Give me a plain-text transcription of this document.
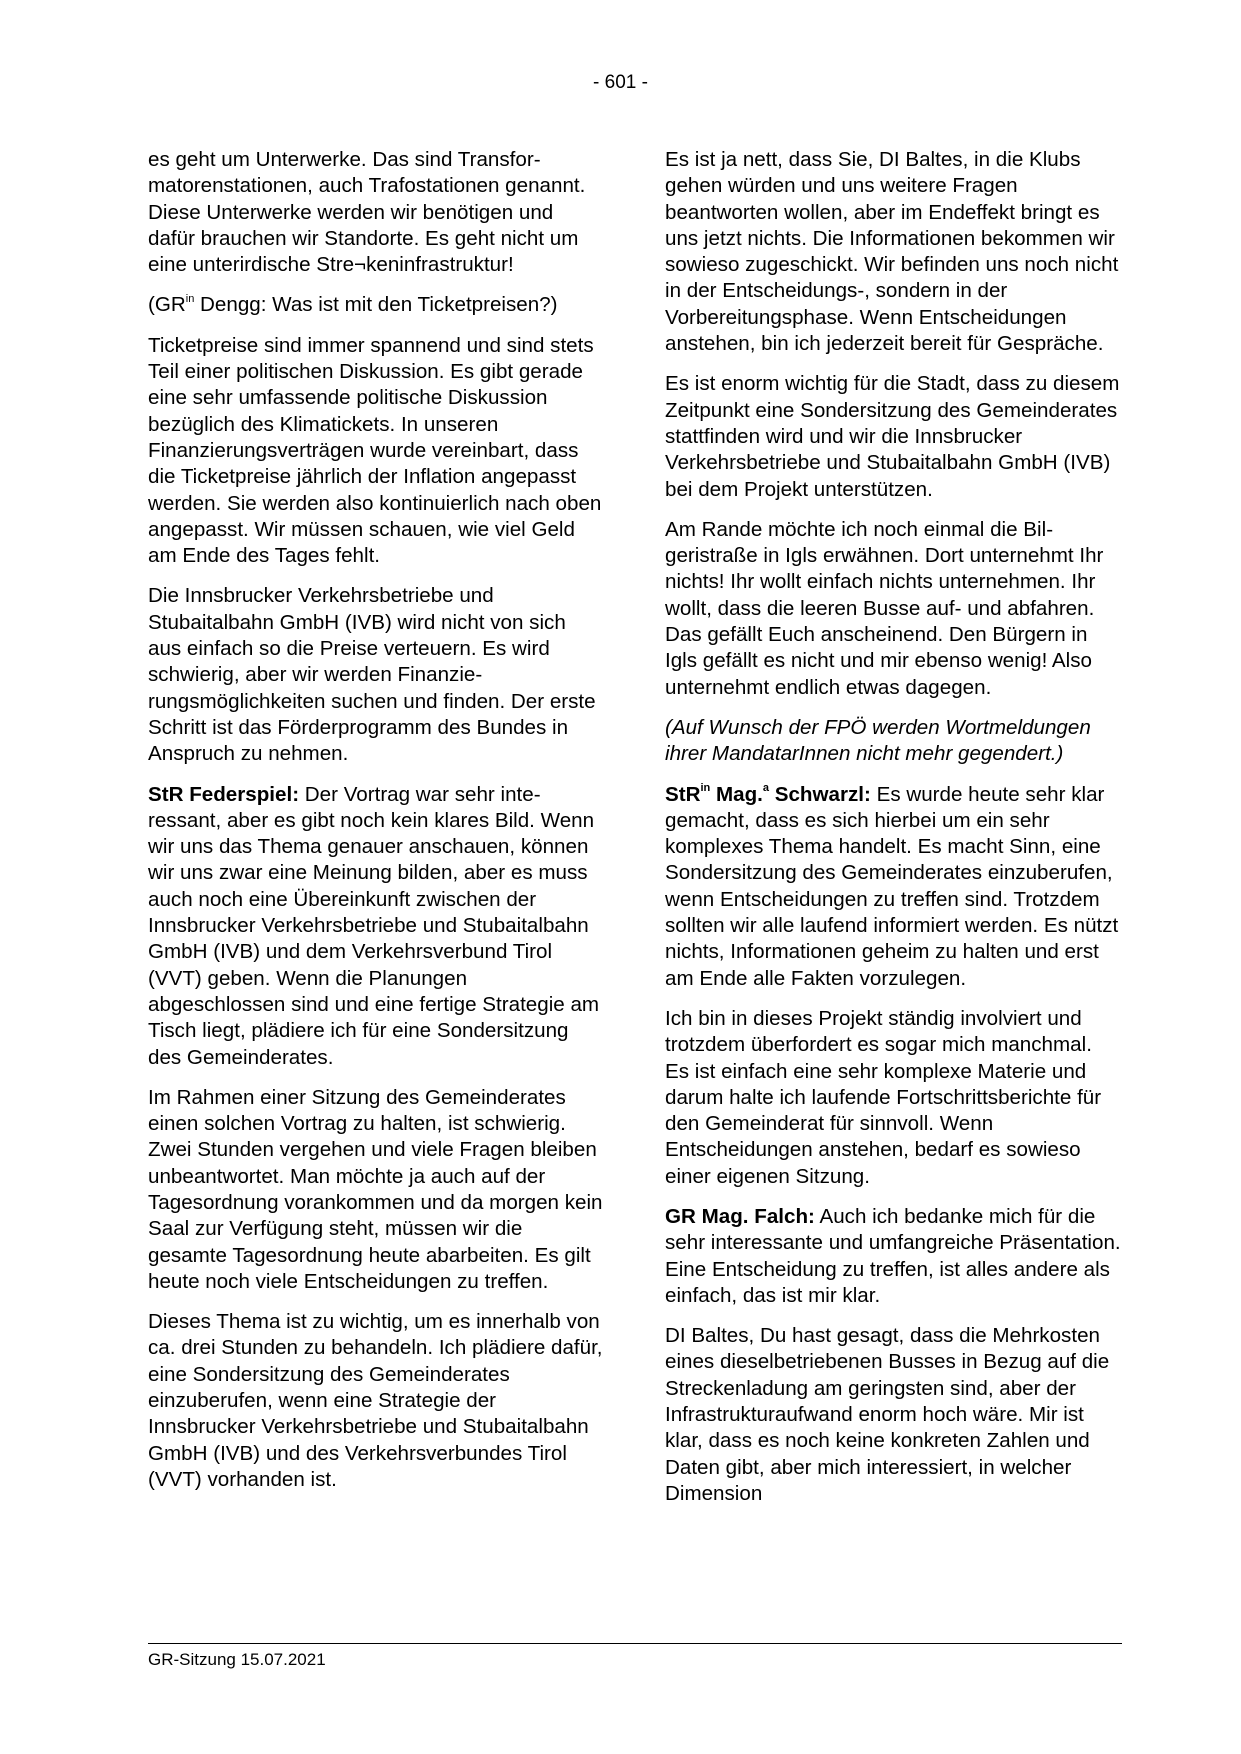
- 601 -

es geht um Unterwerke. Das sind Transformatorenstationen, auch Trafostationen genannt. Diese Unterwerke werden wir benötigen und dafür brauchen wir Standorte. Es geht nicht um eine unterirdische Stre¬keninfrastruktur!

($GR^{in}$ Dengg: Was ist mit den Ticketpreisen?)

Ticketpreise sind immer spannend und sind stets Teil einer politischen Diskussion. Es gibt gerade eine sehr umfassende politische Diskussion bezüglich des Klimatickets. In unseren Finanzierungsverträgen wurde vereinbart, dass die Ticketpreise jährlich der Inflation angepasst werden. Sie werden also kontinuierlich nach oben angepasst. Wir müssen schauen, wie viel Geld am Ende des Tages fehlt.

Die Innsbrucker Verkehrsbetriebe und Stubaitalbahn GmbH (IVB) wird nicht von sich aus einfach so die Preise verteuern. Es wird schwierig, aber wir werden Finanzierungsmöglichkeiten suchen und finden. Der erste Schritt ist das Förderprogramm des Bundes in Anspruch zu nehmen.

StR Federspiel: Der Vortrag war sehr interessant, aber es gibt noch kein klares Bild. Wenn wir uns das Thema genauer anschauen, können wir uns zwar eine Meinung bilden, aber es muss auch noch eine Übereinkunft zwischen der Innsbrucker Verkehrsbetriebe und Stubaitalbahn GmbH (IVB) und dem Verkehrsverbund Tirol (VVT) geben. Wenn die Planungen abgeschlossen sind und eine fertige Strategie am Tisch liegt, plädiere ich für eine Sondersitzung des Gemeinderates.

Im Rahmen einer Sitzung des Gemeinderates einen solchen Vortrag zu halten, ist schwierig. Zwei Stunden vergehen und viele Fragen bleiben unbeantwortet. Man möchte ja auch auf der Tagesordnung vorankommen und da morgen kein Saal zur Verfügung steht, müssen wir die gesamte Tagesordnung heute abarbeiten. Es gilt heute noch viele Entscheidungen zu treffen.

Dieses Thema ist zu wichtig, um es innerhalb von ca. drei Stunden zu behandeln. Ich plädiere dafür, eine Sondersitzung des Gemeinderates einzuberufen, wenn eine Strategie der Innsbrucker Verkehrsbetriebe und Stubaitalbahn GmbH (IVB) und des Verkehrsverbundes Tirol (VVT) vorhanden ist.

Es ist ja nett, dass Sie, DI Baltes, in die Klubs gehen würden und uns weitere Fragen beantworten wollen, aber im Endeffekt bringt es uns jetzt nichts. Die Informationen bekommen wir sowieso zugeschickt. Wir befinden uns noch nicht in der Entscheidungs-, sondern in der Vorbereitungsphase. Wenn Entscheidungen anstehen, bin ich jederzeit bereit für Gespräche.

Es ist enorm wichtig für die Stadt, dass zu diesem Zeitpunkt eine Sondersitzung des Gemeinderates stattfinden wird und wir die Innsbrucker Verkehrsbetriebe und Stubaitalbahn GmbH (IVB) bei dem Projekt unterstützen.

Am Rande möchte ich noch einmal die Bilgeristraße in Igls erwähnen. Dort unternehmt Ihr nichts! Ihr wollt einfach nichts unternehmen. Ihr wollt, dass die leeren Busse auf- und abfahren. Das gefällt Euch anscheinend. Den Bürgern in Igls gefällt es nicht und mir ebenso wenig! Also unternehmt endlich etwas dagegen.

(Auf Wunsch der FPÖ werden Wortmeldungen ihrer MandatarInnen nicht mehr gegendert.)

StR$^{in}$ Mag.$^a$ Schwarzl: Es wurde heute sehr klar gemacht, dass es sich hierbei um ein sehr komplexes Thema handelt. Es macht Sinn, eine Sondersitzung des Gemeinderates einzuberufen, wenn Entscheidungen zu treffen sind. Trotzdem sollten wir alle laufend informiert werden. Es nützt nichts, Informationen geheim zu halten und erst am Ende alle Fakten vorzulegen.

Ich bin in dieses Projekt ständig involviert und trotzdem überfordert es sogar mich manchmal. Es ist einfach eine sehr komplexe Materie und darum halte ich laufende Fortschrittsberichte für den Gemeinderat für sinnvoll. Wenn Entscheidungen anstehen, bedarf es sowieso einer eigenen Sitzung.

GR Mag. Falch: Auch ich bedanke mich für die sehr interessante und umfangreiche Präsentation. Eine Entscheidung zu treffen, ist alles andere als einfach, das ist mir klar.

DI Baltes, Du hast gesagt, dass die Mehrkosten eines dieselbetriebenen Busses in Bezug auf die Streckenladung am geringsten sind, aber der Infrastrukturaufwand enorm hoch wäre. Mir ist klar, dass es noch keine konkreten Zahlen und Daten gibt, aber mich interessiert, in welcher Dimension

GR-Sitzung 15.07.2021
